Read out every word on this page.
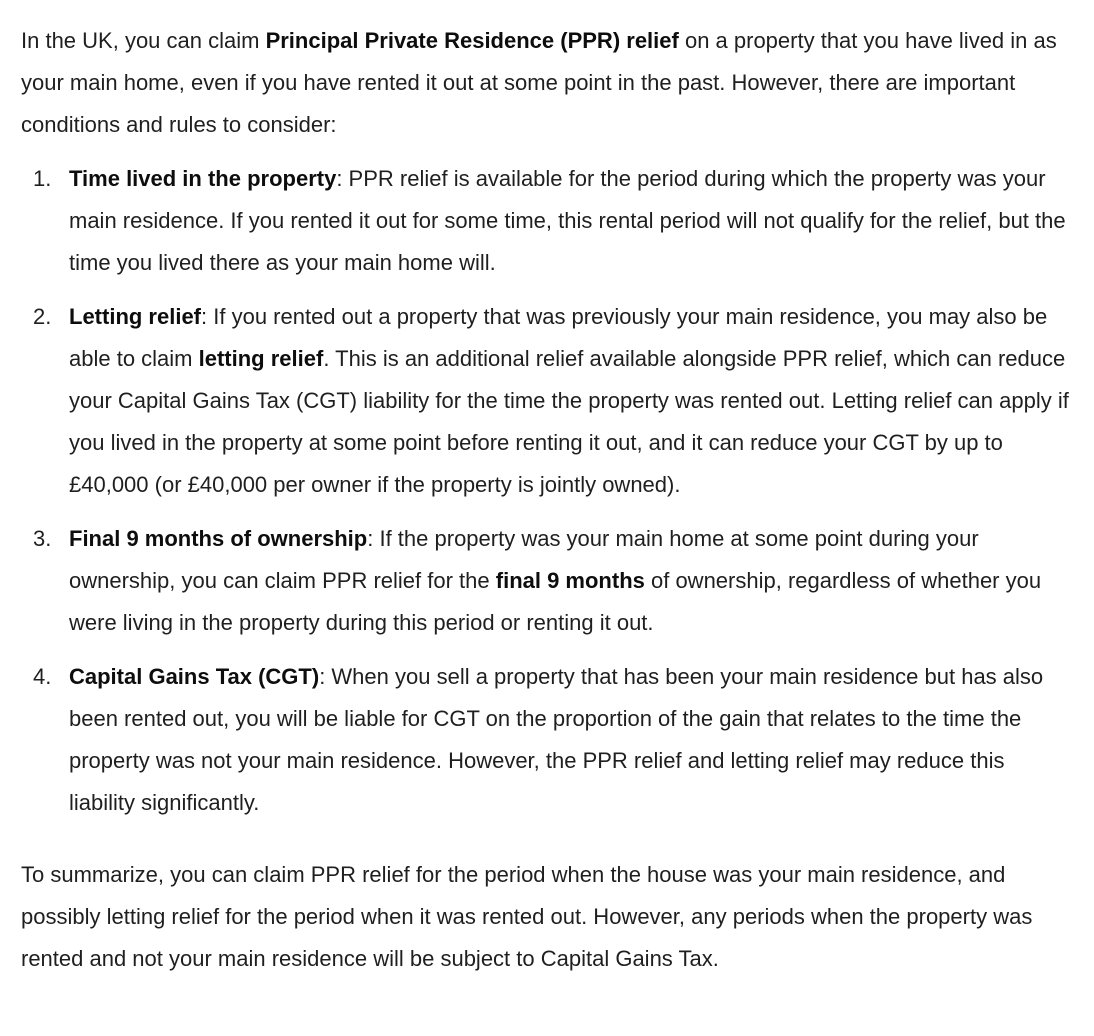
In the UK, you can claim Principal Private Residence (PPR) relief on a property that you have lived in as your main home, even if you have rented it out at some point in the past. However, there are important conditions and rules to consider:

1. Time lived in the property: PPR relief is available for the period during which the property was your main residence. If you rented it out for some time, this rental period will not qualify for the relief, but the time you lived there as your main home will.
2. Letting relief: If you rented out a property that was previously your main residence, you may also be able to claim letting relief. This is an additional relief available alongside PPR relief, which can reduce your Capital Gains Tax (CGT) liability for the time the property was rented out. Letting relief can apply if you lived in the property at some point before renting it out, and it can reduce your CGT by up to £40,000 (or £40,000 per owner if the property is jointly owned).
3. Final 9 months of ownership: If the property was your main home at some point during your ownership, you can claim PPR relief for the final 9 months of ownership, regardless of whether you were living in the property during this period or renting it out.
4. Capital Gains Tax (CGT): When you sell a property that has been your main residence but has also been rented out, you will be liable for CGT on the proportion of the gain that relates to the time the property was not your main residence. However, the PPR relief and letting relief may reduce this liability significantly.

To summarize, you can claim PPR relief for the period when the house was your main residence, and possibly letting relief for the period when it was rented out. However, any periods when the property was rented and not your main residence will be subject to Capital Gains Tax.
